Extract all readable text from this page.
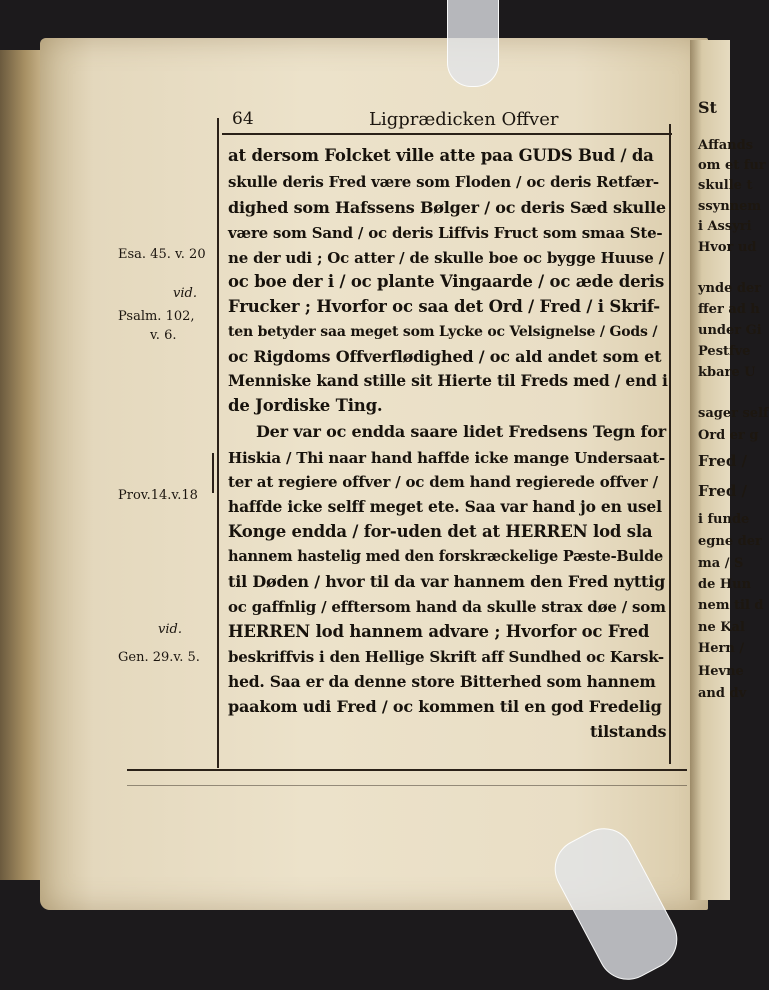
St
Affands
om et fur
skulle t
ssynnem
i Assyri
Hvor ud
ynde der
ffer ad h
under Gi
Pestfve
kbare U
sager self
Ord er g
Fred /
Fred /
i funde
egne der
ma / S
de Hun
nem til d
ne Kal
Hern /
Hevne
and dv
64	Ligprædicken Offver
Esa. 45. v. 20
vid.
Psalm. 102,
v. 6.
Prov.14.v.18
vid.
Gen. 29.v. 5.
at dersom Folcket ville atte paa GUDS Bud / da
skulle deris Fred være som Floden / oc deris Retfær-
dighed som Hafssens Bølger / oc deris Sæd skulle
være som Sand / oc deris Liffvis Fruct som smaa Ste-
ne der udi ; Oc atter / de skulle boe oc bygge Huuse /
oc boe der i / oc plante Vingaarde / oc æde deris
Frucker ; Hvorfor oc saa det Ord / Fred / i Skrif-
ten betyder saa meget som Lycke oc Velsignelse / Gods /
oc Rigdoms Offverflødighed / oc ald andet som et
Menniske kand stille sit Hierte til Freds med / end i
de Jordiske Ting.
Der var oc endda saare lidet Fredsens Tegn for
Hiskia / Thi naar hand haffde icke mange Undersaat-
ter at regiere offver / oc dem hand regierede offver /
haffde icke selff meget ete. Saa var hand jo en usel
Konge endda / for-uden det at HERREN lod sla
hannem hastelig med den forskræckelige Pæste-Bulde
til Døden / hvor til da var hannem den Fred nyttig
oc gaffnlig / efftersom hand da skulle strax døe / som
HERREN lod hannem advare ; Hvorfor oc Fred
beskriffvis i den Hellige Skrift aff Sundhed oc Karsk-
hed. Saa er da denne store Bitterhed som hannem
paakom udi Fred / oc kommen til en god Fredelig
tilstands
